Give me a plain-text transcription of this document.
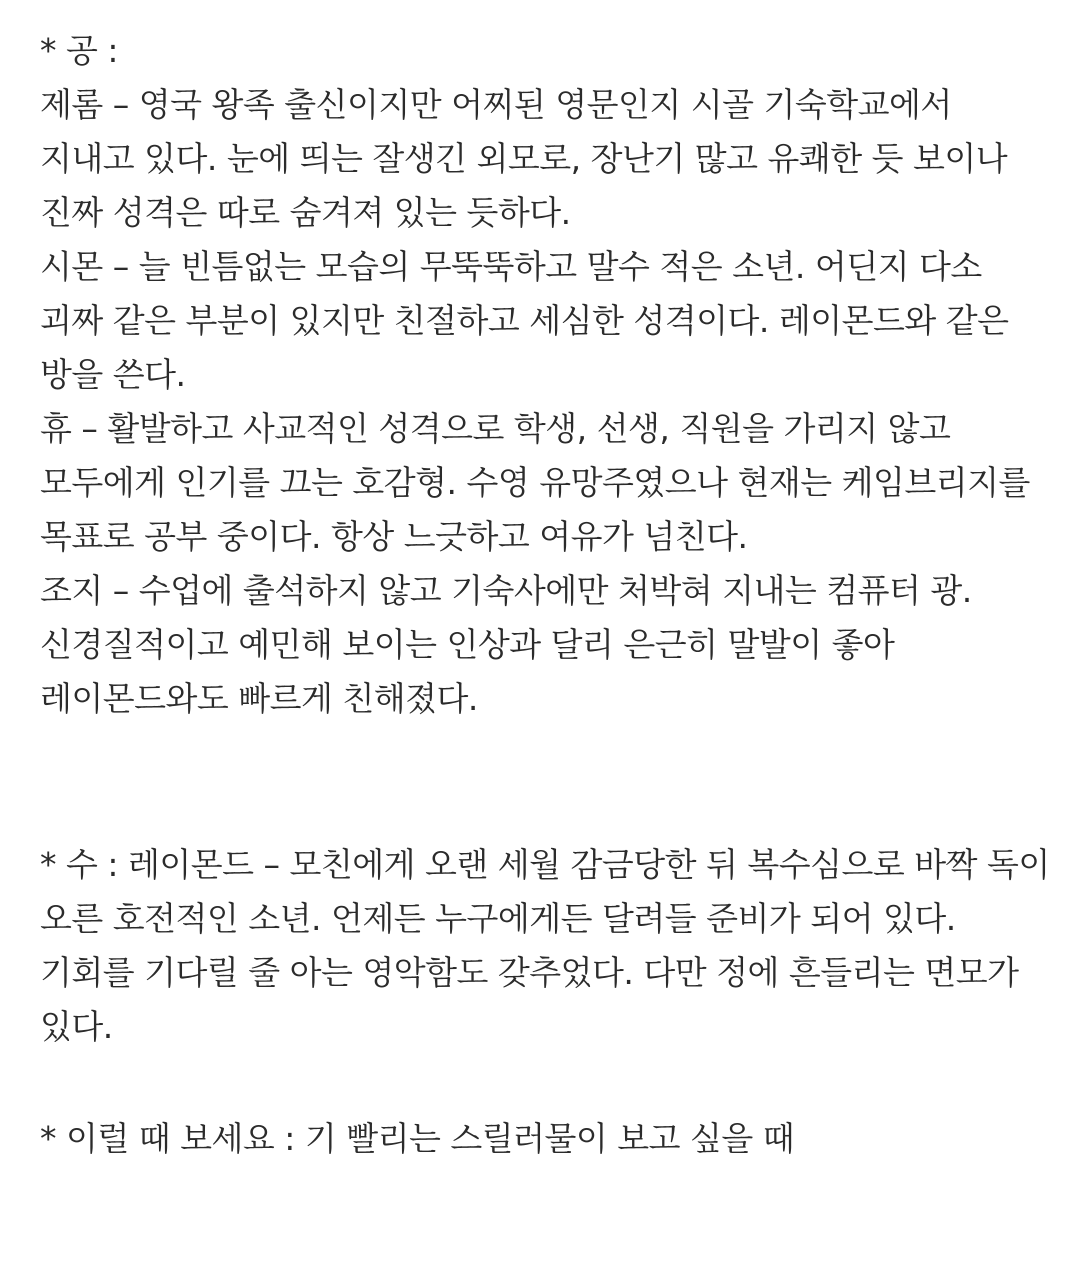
* 공 :
제롬 – 영국 왕족 출신이지만 어찌된 영문인지 시골 기숙학교에서
지내고 있다. 눈에 띄는 잘생긴 외모로, 장난기 많고 유쾌한 듯 보이나
진짜 성격은 따로 숨겨져 있는 듯하다.
시몬 – 늘 빈틈없는 모습의 무뚝뚝하고 말수 적은 소년. 어딘지 다소
괴짜 같은 부분이 있지만 친절하고 세심한 성격이다. 레이몬드와 같은
방을 쓴다.
휴 – 활발하고 사교적인 성격으로 학생, 선생, 직원을 가리지 않고
모두에게 인기를 끄는 호감형. 수영 유망주였으나 현재는 케임브리지를
목표로 공부 중이다. 항상 느긋하고 여유가 넘친다.
조지 – 수업에 출석하지 않고 기숙사에만 처박혀 지내는 컴퓨터 광.
신경질적이고 예민해 보이는 인상과 달리 은근히 말발이 좋아
레이몬드와도 빠르게 친해졌다.
* 수 : 레이몬드 – 모친에게 오랜 세월 감금당한 뒤 복수심으로 바짝 독이
오른 호전적인 소년. 언제든 누구에게든 달려들 준비가 되어 있다.
기회를 기다릴 줄 아는 영악함도 갖추었다. 다만 정에 흔들리는 면모가
있다.
* 이럴 때 보세요 : 기 빨리는 스릴러물이 보고 싶을 때
